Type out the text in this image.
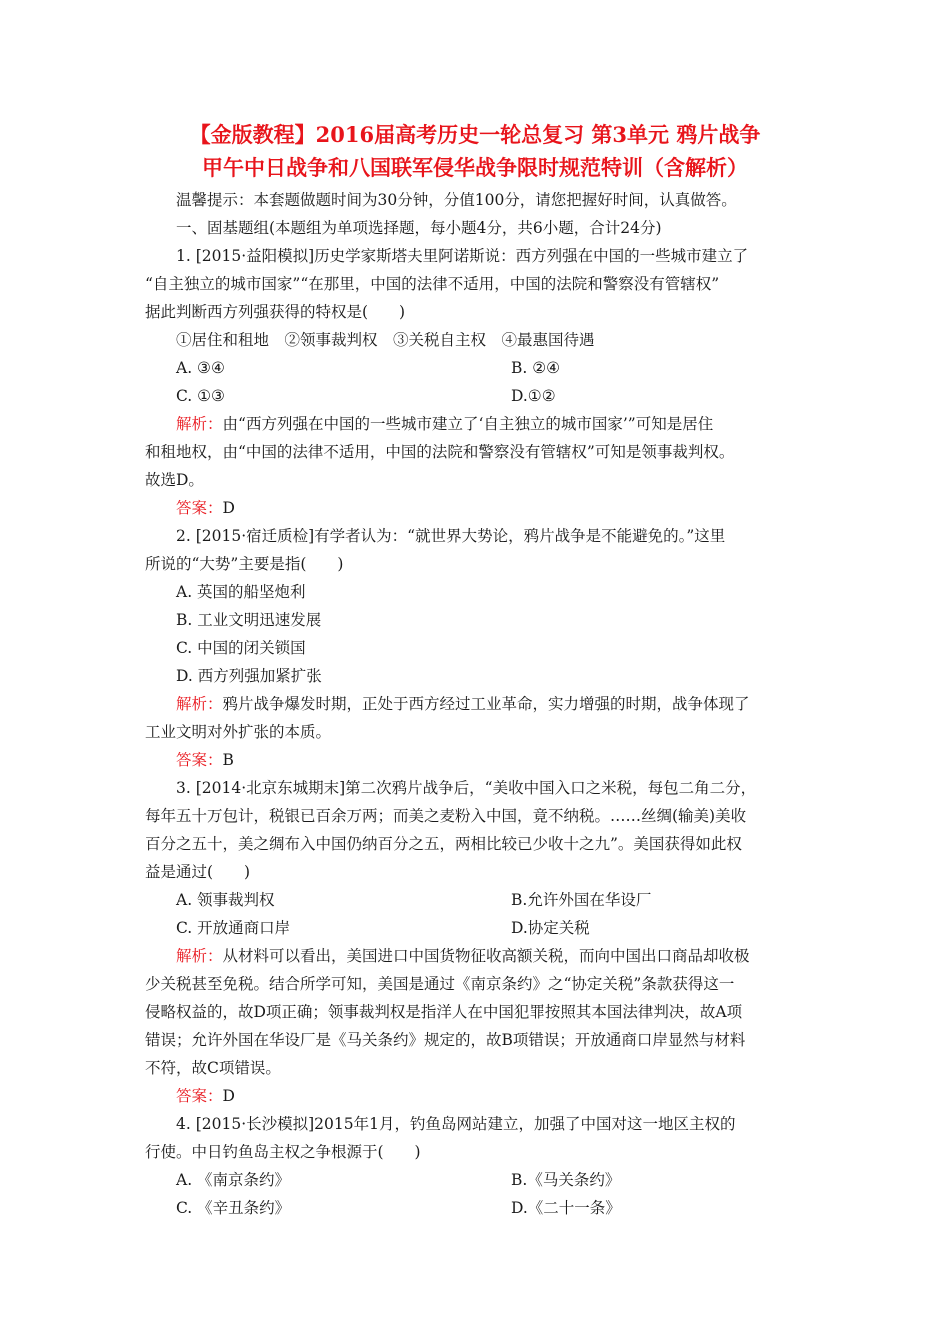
【金版教程】2016届高考历史一轮总复习 第3单元 鸦片战争
甲午中日战争和八国联军侵华战争限时规范特训（含解析）
温馨提示：本套题做题时间为30分钟，分值100分，请您把握好时间，认真做答。
一、固基题组(本题组为单项选择题，每小题4分，共6小题，合计24分)
1. [2015·益阳模拟]历史学家斯塔夫里阿诺斯说：西方列强在中国的一些城市建立了
“自主独立的城市国家”“在那里，中国的法律不适用，中国的法院和警察没有管辖权”
据此判断西方列强获得的特权是(　　)
①居住和租地　②领事裁判权　③关税自主权　④最惠国待遇
A. ③④	B. ②④
C. ①③	D.①②
解析：由“西方列强在中国的一些城市建立了‘自主独立的城市国家’”可知是居住
和租地权，由“中国的法律不适用，中国的法院和警察没有管辖权”可知是领事裁判权。
故选D。
答案：D
2. [2015·宿迁质检]有学者认为：“就世界大势论，鸦片战争是不能避免的。”这里
所说的“大势”主要是指(　　)
A. 英国的船坚炮利
B. 工业文明迅速发展
C. 中国的闭关锁国
D. 西方列强加紧扩张
解析：鸦片战争爆发时期，正处于西方经过工业革命，实力增强的时期，战争体现了
工业文明对外扩张的本质。
答案：B
3. [2014·北京东城期末]第二次鸦片战争后，“美收中国入口之米税，每包二角二分，
每年五十万包计，税银已百余万两；而美之麦粉入中国，竟不纳税。……丝绸(输美)美收
百分之五十，美之绸布入中国仍纳百分之五，两相比较已少收十之九”。美国获得如此权
益是通过(　　)
A. 领事裁判权	B.允许外国在华设厂
C. 开放通商口岸	D.协定关税
解析：从材料可以看出，美国进口中国货物征收高额关税，而向中国出口商品却收极
少关税甚至免税。结合所学可知，美国是通过《南京条约》之“协定关税”条款获得这一
侵略权益的，故D项正确；领事裁判权是指洋人在中国犯罪按照其本国法律判决，故A项
错误；允许外国在华设厂是《马关条约》规定的，故B项错误；开放通商口岸显然与材料
不符，故C项错误。
答案：D
4. [2015·长沙模拟]2015年1月，钓鱼岛网站建立，加强了中国对这一地区主权的
行使。中日钓鱼岛主权之争根源于(　　)
A. 《南京条约》	B.《马关条约》
C. 《辛丑条约》	D.《二十一条》
